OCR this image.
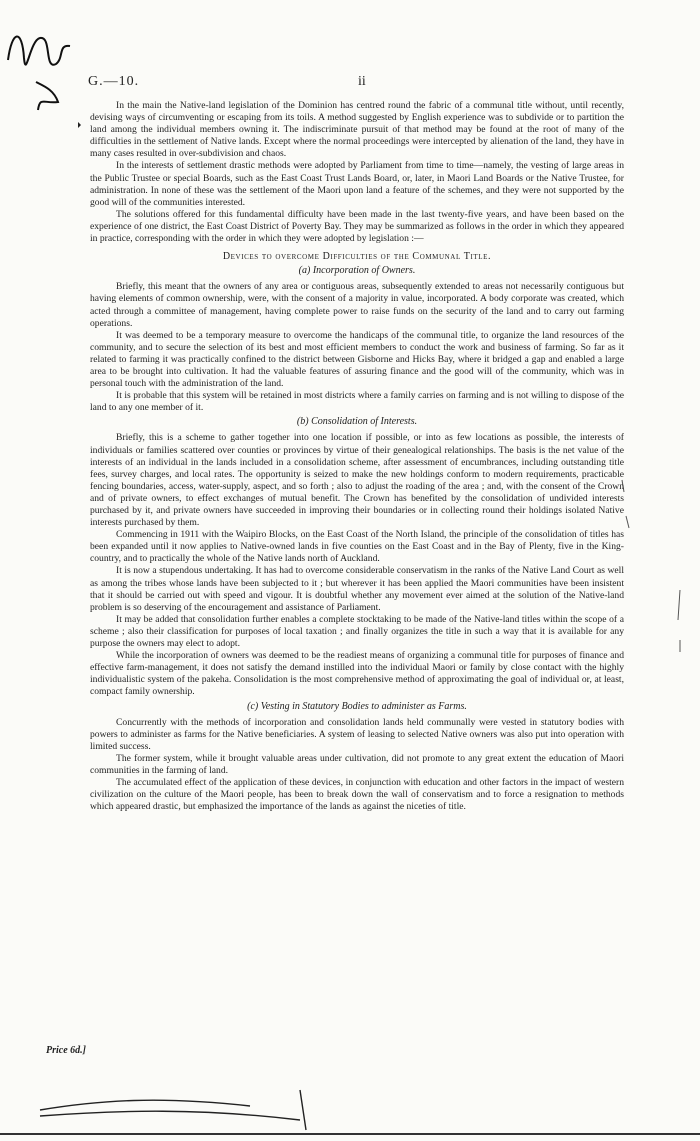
G.—10.	ii

In the main the Native-land legislation of the Dominion has centred round the fabric of a communal title without, until recently, devising ways of circumventing or escaping from its toils. A method suggested by English experience was to subdivide or to partition the land among the individual members owning it. The indiscriminate pursuit of that method may be found at the root of many of the difficulties in the settlement of Native lands. Except where the normal proceedings were intercepted by alienation of the land, they have in many cases resulted in over-subdivision and chaos.

In the interests of settlement drastic methods were adopted by Parliament from time to time—namely, the vesting of large areas in the Public Trustee or special Boards, such as the East Coast Trust Lands Board, or, later, in Maori Land Boards or the Native Trustee, for administration. In none of these was the settlement of the Maori upon land a feature of the schemes, and they were not supported by the good will of the communities interested.

The solutions offered for this fundamental difficulty have been made in the last twenty-five years, and have been based on the experience of one district, the East Coast District of Poverty Bay. They may be summarized as follows in the order in which they appeared in practice, corresponding with the order in which they were adopted by legislation :—

Devices to overcome Difficulties of the Communal Title.
(a) Incorporation of Owners.

Briefly, this meant that the owners of any area or contiguous areas, subsequently extended to areas not necessarily contiguous but having elements of common ownership, were, with the consent of a majority in value, incorporated. A body corporate was created, which acted through a committee of management, having complete power to raise funds on the security of the land and to carry out farming operations.

It was deemed to be a temporary measure to overcome the handicaps of the communal title, to organize the land resources of the community, and to secure the selection of its best and most efficient members to conduct the work and business of farming. So far as it related to farming it was practically confined to the district between Gisborne and Hicks Bay, where it bridged a gap and enabled a large area to be brought into cultivation. It had the valuable features of assuring finance and the good will of the community, which was in personal touch with the administration of the land.

It is probable that this system will be retained in most districts where a family carries on farming and is not willing to dispose of the land to any one member of it.

(b) Consolidation of Interests.

Briefly, this is a scheme to gather together into one location if possible, or into as few locations as possible, the interests of individuals or families scattered over counties or provinces by virtue of their genealogical relationships. The basis is the net value of the interests of an individual in the lands included in a consolidation scheme, after assessment of encumbrances, including outstanding title fees, survey charges, and local rates. The opportunity is seized to make the new holdings conform to modern requirements, practicable fencing boundaries, access, water-supply, aspect, and so forth ; also to adjust the roading of the area ; and, with the consent of the Crown and of private owners, to effect exchanges of mutual benefit. The Crown has benefited by the consolidation of undivided interests purchased by it, and private owners have succeeded in improving their boundaries or in collecting round their holdings isolated Native interests purchased by them.

Commencing in 1911 with the Waipiro Blocks, on the East Coast of the North Island, the principle of the consolidation of titles has been expanded until it now applies to Native-owned lands in five counties on the East Coast and in the Bay of Plenty, five in the King-country, and to practically the whole of the Native lands north of Auckland.

It is now a stupendous undertaking. It has had to overcome considerable conservatism in the ranks of the Native Land Court as well as among the tribes whose lands have been subjected to it ; but wherever it has been applied the Maori communities have been insistent that it should be carried out with speed and vigour. It is doubtful whether any movement ever aimed at the solution of the Native-land problem is so deserving of the encouragement and assistance of Parliament.

It may be added that consolidation further enables a complete stocktaking to be made of the Native-land titles within the scope of a scheme ; also their classification for purposes of local taxation ; and finally organizes the title in such a way that it is available for any purpose the owners may elect to adopt.

While the incorporation of owners was deemed to be the readiest means of organizing a communal title for purposes of finance and effective farm-management, it does not satisfy the demand instilled into the individual Maori or family by close contact with the highly individualistic system of the pakeha. Consolidation is the most comprehensive method of approximating the goal of individual or, at least, compact family ownership.

(c) Vesting in Statutory Bodies to administer as Farms.

Concurrently with the methods of incorporation and consolidation lands held communally were vested in statutory bodies with powers to administer as farms for the Native beneficiaries. A system of leasing to selected Native owners was also put into operation with limited success.

The former system, while it brought valuable areas under cultivation, did not promote to any great extent the education of Maori communities in the farming of land.

The accumulated effect of the application of these devices, in conjunction with education and other factors in the impact of western civilization on the culture of the Maori people, has been to break down the wall of conservatism and to force a resignation to methods which appeared drastic, but emphasized the importance of the lands as against the niceties of title.

Price 6d.]
